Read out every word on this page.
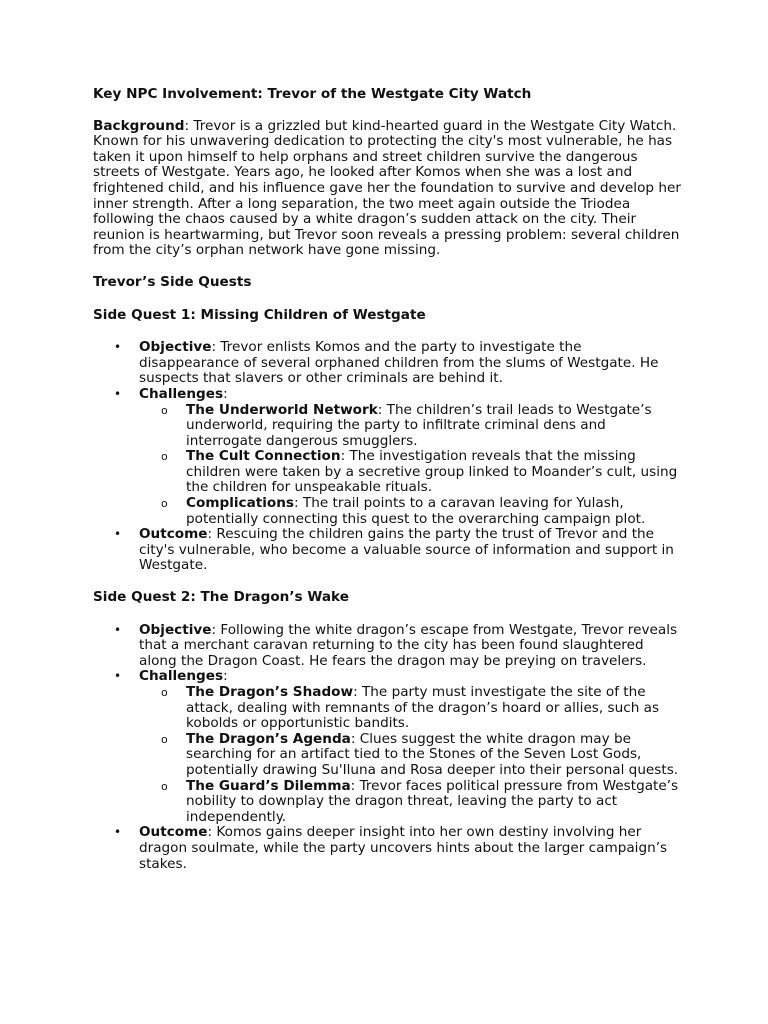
Key NPC Involvement: Trevor of the Westgate City Watch

Background: Trevor is a grizzled but kind-hearted guard in the Westgate City Watch. Known for his unwavering dedication to protecting the city's most vulnerable, he has taken it upon himself to help orphans and street children survive the dangerous streets of Westgate. Years ago, he looked after Komos when she was a lost and frightened child, and his influence gave her the foundation to survive and develop her inner strength. After a long separation, the two meet again outside the Triodea following the chaos caused by a white dragon’s sudden attack on the city. Their reunion is heartwarming, but Trevor soon reveals a pressing problem: several children from the city’s orphan network have gone missing.

Trevor’s Side Quests

Side Quest 1: Missing Children of Westgate

• Objective: Trevor enlists Komos and the party to investigate the disappearance of several orphaned children from the slums of Westgate. He suspects that slavers or other criminals are behind it.
• Challenges:
o The Underworld Network: The children’s trail leads to Westgate’s underworld, requiring the party to infiltrate criminal dens and interrogate dangerous smugglers.
o The Cult Connection: The investigation reveals that the missing children were taken by a secretive group linked to Moander’s cult, using the children for unspeakable rituals.
o Complications: The trail points to a caravan leaving for Yulash, potentially connecting this quest to the overarching campaign plot.
• Outcome: Rescuing the children gains the party the trust of Trevor and the city's vulnerable, who become a valuable source of information and support in Westgate.

Side Quest 2: The Dragon’s Wake

• Objective: Following the white dragon’s escape from Westgate, Trevor reveals that a merchant caravan returning to the city has been found slaughtered along the Dragon Coast. He fears the dragon may be preying on travelers.
• Challenges:
o The Dragon’s Shadow: The party must investigate the site of the attack, dealing with remnants of the dragon’s hoard or allies, such as kobolds or opportunistic bandits.
o The Dragon’s Agenda: Clues suggest the white dragon may be searching for an artifact tied to the Stones of the Seven Lost Gods, potentially drawing Su'Iluna and Rosa deeper into their personal quests.
o The Guard’s Dilemma: Trevor faces political pressure from Westgate’s nobility to downplay the dragon threat, leaving the party to act independently.
• Outcome: Komos gains deeper insight into her own destiny involving her dragon soulmate, while the party uncovers hints about the larger campaign’s stakes.
